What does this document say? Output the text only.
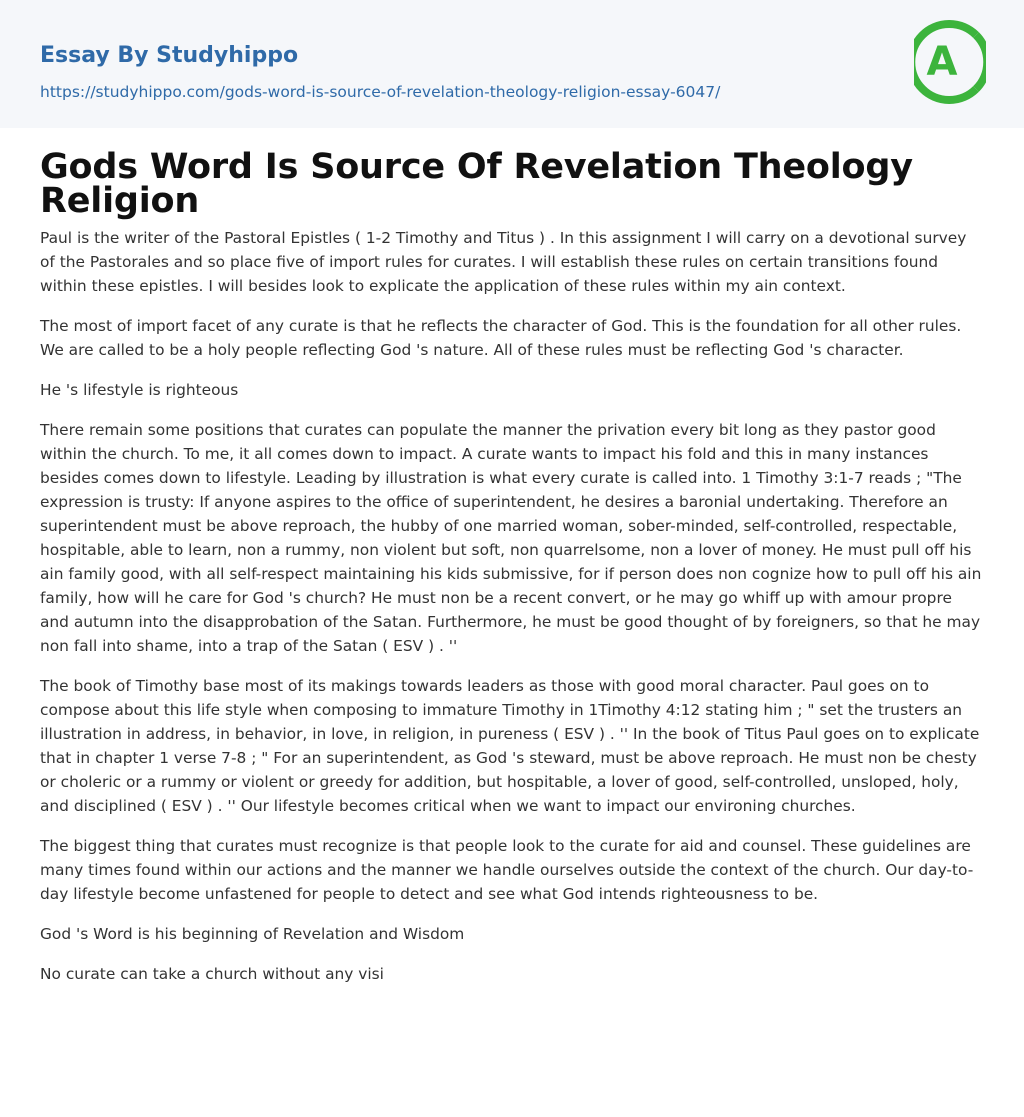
Essay By Studyhippo
https://studyhippo.com/gods-word-is-source-of-revelation-theology-religion-essay-6047/
A
Gods Word Is Source Of Revelation Theology Religion

Paul is the writer of the Pastoral Epistles ( 1-2 Timothy and Titus ) . In this assignment I will carry on a devotional survey of the Pastorales and so place five of import rules for curates. I will establish these rules on certain transitions found within these epistles. I will besides look to explicate the application of these rules within my ain context.

The most of import facet of any curate is that he reflects the character of God. This is the foundation for all other rules. We are called to be a holy people reflecting God 's nature. All of these rules must be reflecting God 's character.

He 's lifestyle is righteous

There remain some positions that curates can populate the manner the privation every bit long as they pastor good within the church. To me, it all comes down to impact. A curate wants to impact his fold and this in many instances besides comes down to lifestyle. Leading by illustration is what every curate is called into. 1 Timothy 3:1-7 reads ; "The expression is trusty: If anyone aspires to the office of superintendent, he desires a baronial undertaking. Therefore an superintendent must be above reproach, the hubby of one married woman, sober-minded, self-controlled, respectable, hospitable, able to learn, non a rummy, non violent but soft, non quarrelsome, non a lover of money. He must pull off his ain family good, with all self-respect maintaining his kids submissive, for if person does non cognize how to pull off his ain family, how will he care for God 's church? He must non be a recent convert, or he may go whiff up with amour propre and autumn into the disapprobation of the Satan. Furthermore, he must be good thought of by foreigners, so that he may non fall into shame, into a trap of the Satan ( ESV ) . ''

The book of Timothy base most of its makings towards leaders as those with good moral character. Paul goes on to compose about this life style when composing to immature Timothy in 1Timothy 4:12 stating him ; " set the trusters an illustration in address, in behavior, in love, in religion, in pureness ( ESV ) . '' In the book of Titus Paul goes on to explicate that in chapter 1 verse 7-8 ; " For an superintendent, as God 's steward, must be above reproach. He must non be chesty or choleric or a rummy or violent or greedy for addition, but hospitable, a lover of good, self-controlled, unsloped, holy, and disciplined ( ESV ) . '' Our lifestyle becomes critical when we want to impact our environing churches.

The biggest thing that curates must recognize is that people look to the curate for aid and counsel. These guidelines are many times found within our actions and the manner we handle ourselves outside the context of the church. Our day-to-day lifestyle become unfastened for people to detect and see what God intends righteousness to be.

God 's Word is his beginning of Revelation and Wisdom

No curate can take a church without any visi
